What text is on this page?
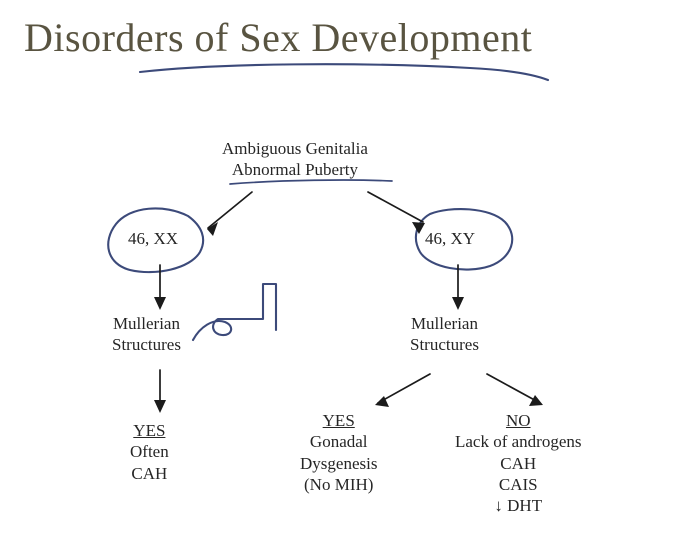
Disorders of Sex Development
Ambiguous Genitalia
Abnormal Puberty
46, XX	46, XY
Mullerian
Structures
Mullerian
Structures
YES
Often
CAH
YES
Gonadal
Dysgenesis
(No MIH)
NO
Lack of androgens
CAH
CAIS
↓ DHT
